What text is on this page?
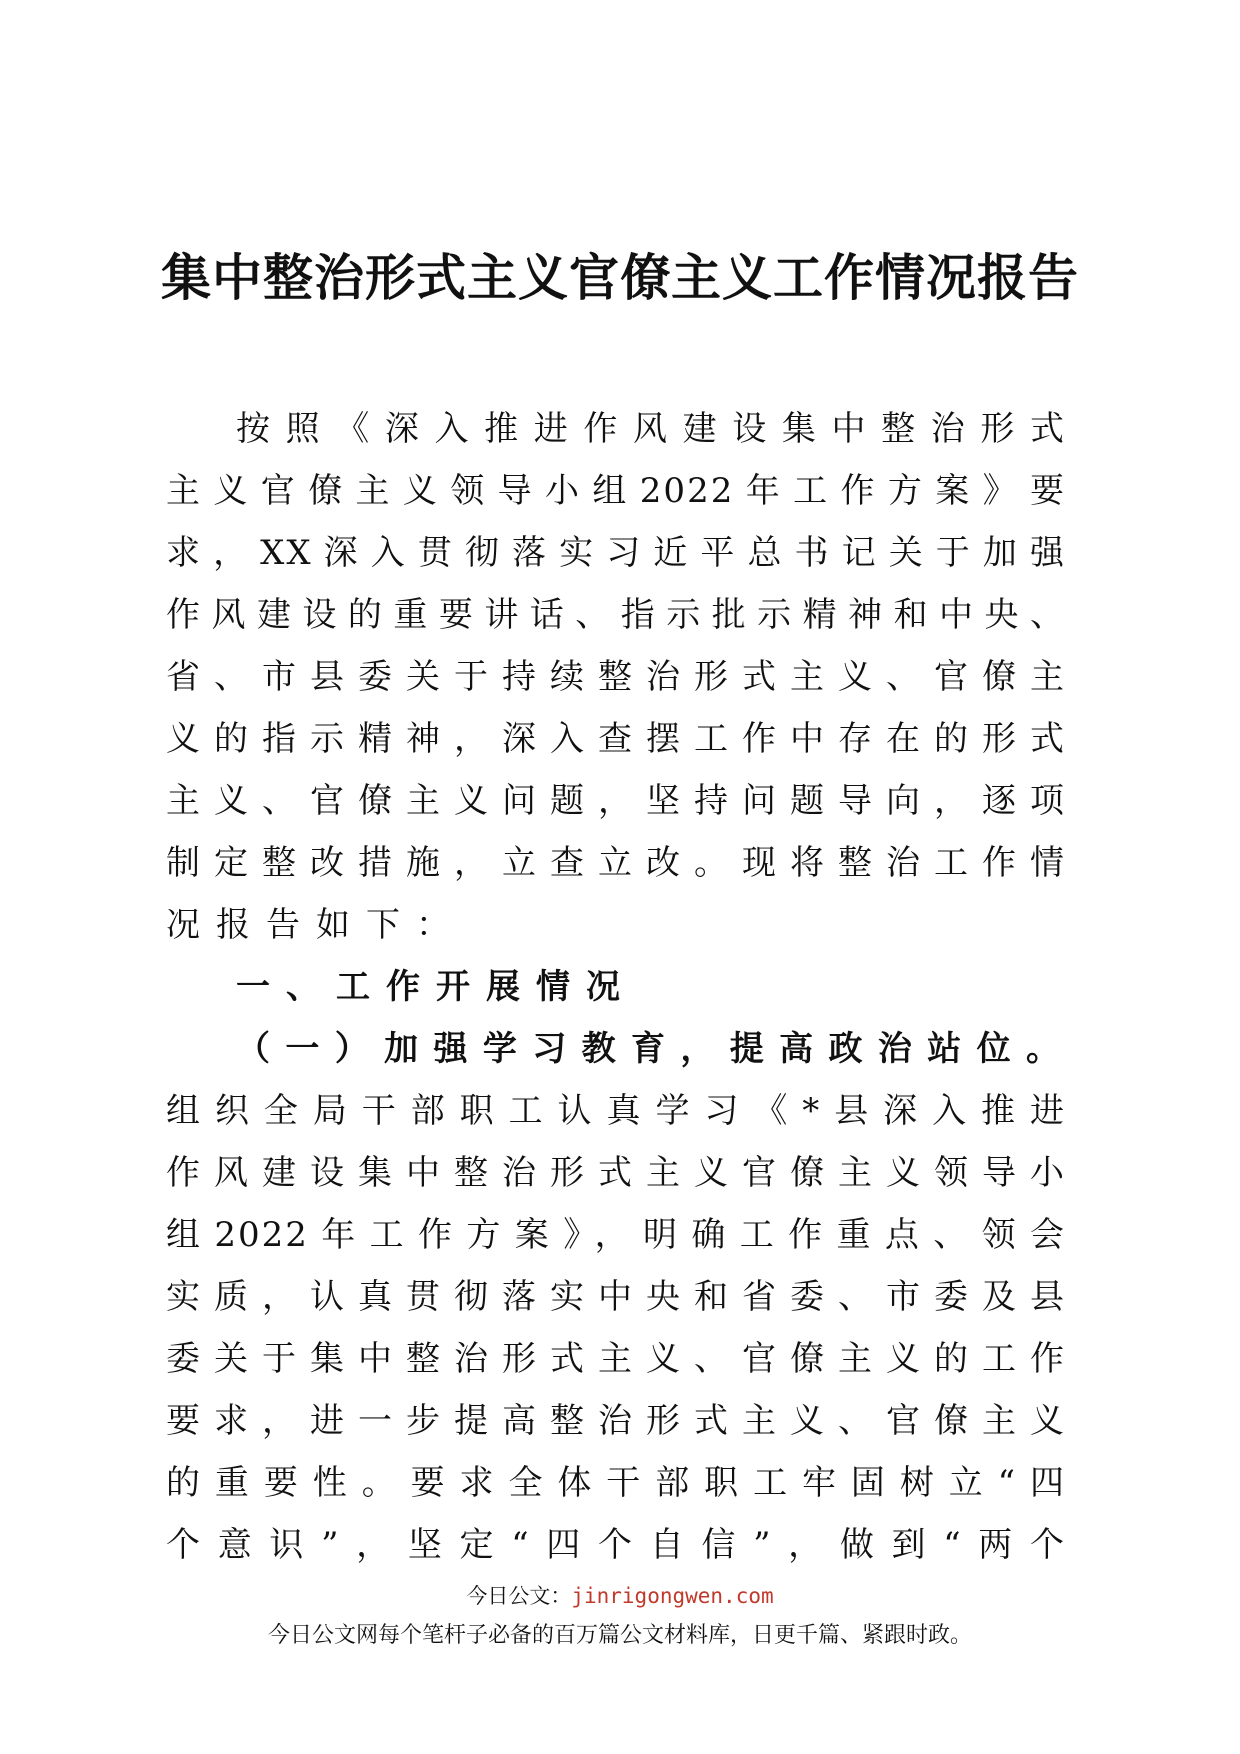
集中整治形式主义官僚主义工作情况报告
按照《深入推进作风建设集中整治形式
主义官僚主义领导小组2022年工作方案》要
求，XX深入贯彻落实习近平总书记关于加强
作风建设的重要讲话、指示批示精神和中央、
省、市县委关于持续整治形式主义、官僚主
义的指示精神，深入查摆工作中存在的形式
主义、官僚主义问题，坚持问题导向，逐项
制定整改措施，立查立改。现将整治工作情
况报告如下：
一、工作开展情况
（一）加强学习教育，提高政治站位。
组织全局干部职工认真学习《*县深入推进
作风建设集中整治形式主义官僚主义领导小
组2022年工作方案》，明确工作重点、领会
实质，认真贯彻落实中央和省委、市委及县
委关于集中整治形式主义、官僚主义的工作
要求，进一步提高整治形式主义、官僚主义
的重要性。要求全体干部职工牢固树立“四
个意识”，坚定“四个自信”，做到“两个
今日公文：jinrigongwen.com
今日公文网每个笔杆子必备的百万篇公文材料库，日更千篇、紧跟时政。
